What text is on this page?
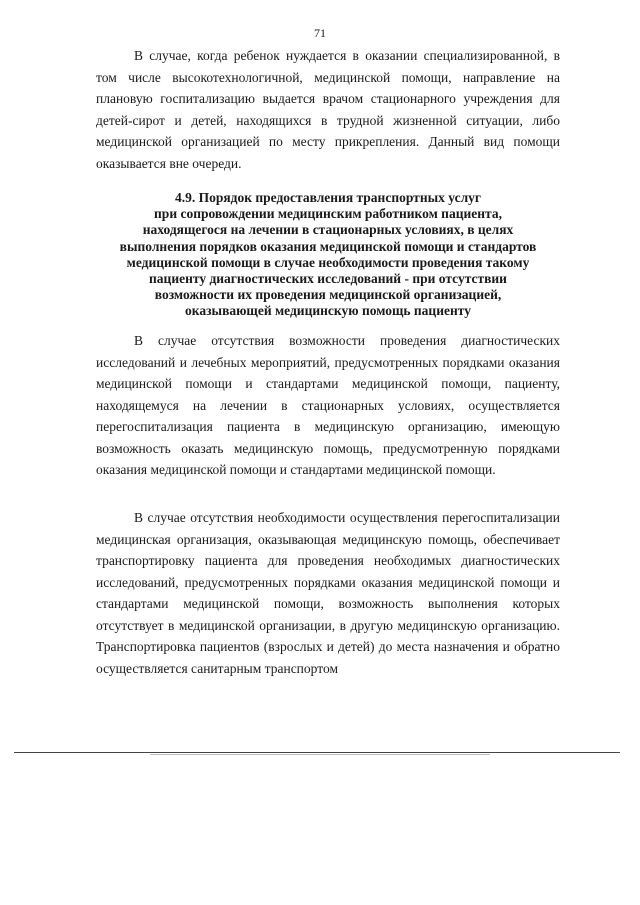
71

В случае, когда ребенок нуждается в оказании специализированной, в том числе высокотехнологичной, медицинской помощи, направление на плановую госпитализацию выдается врачом стационарного учреждения для детей-сирот и детей, находящихся в трудной жизненной ситуации, либо медицинской организацией по месту прикрепления. Данный вид помощи оказывается вне очереди.

4.9. Порядок предоставления транспортных услуг
при сопровождении медицинским работником пациента,
находящегося на лечении в стационарных условиях, в целях
выполнения порядков оказания медицинской помощи и стандартов
медицинской помощи в случае необходимости проведения такому
пациенту диагностических исследований - при отсутствии
возможности их проведения медицинской организацией,
оказывающей медицинскую помощь пациенту

В случае отсутствия возможности проведения диагностических исследований и лечебных мероприятий, предусмотренных порядками оказания медицинской помощи и стандартами медицинской помощи, пациенту, находящемуся на лечении в стационарных условиях, осуществляется перегоспитализация пациента в медицинскую организацию, имеющую возможность оказать медицинскую помощь, предусмотренную порядками оказания медицинской помощи и стандартами медицинской помощи.

В случае отсутствия необходимости осуществления перегоспитализации медицинская организация, оказывающая медицинскую помощь, обеспечивает транспортировку пациента для проведения необходимых диагностических исследований, предусмотренных порядками оказания медицинской помощи и стандартами медицинской помощи, возможность выполнения которых отсутствует в медицинской организации, в другую медицинскую организацию. Транспортировка пациентов (взрослых и детей) до места назначения и обратно осуществляется санитарным транспортом
